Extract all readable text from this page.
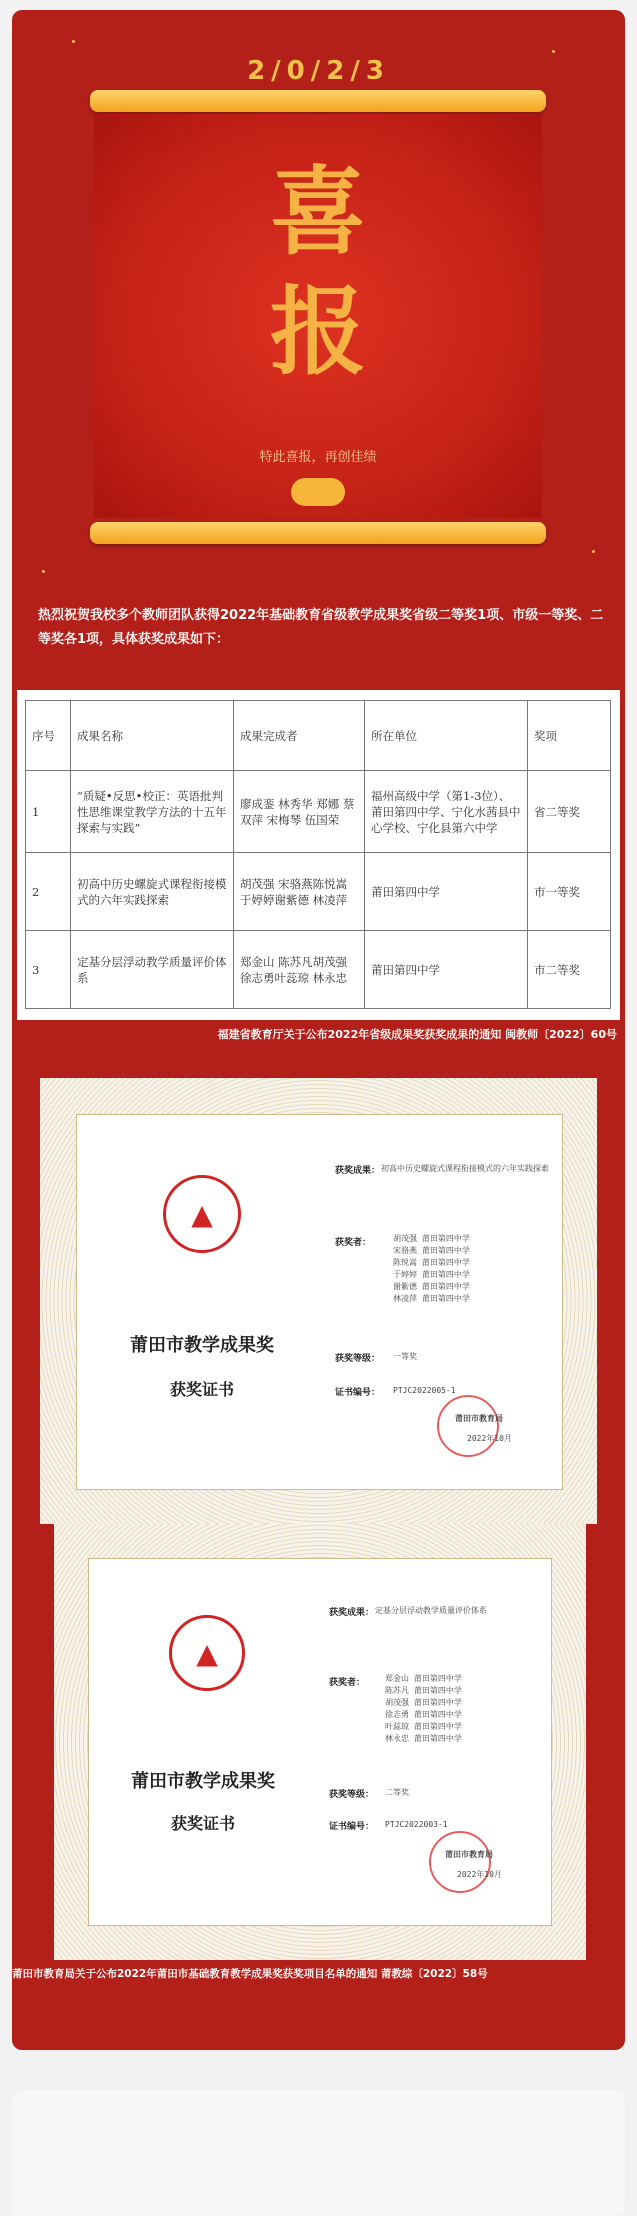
2/0/2/3
喜
报
特此喜报，再创佳绩
热烈祝贺我校多个教师团队获得2022年基础教育省级教学成果奖省级二等奖1项、市级一等奖、二等奖各1项，具体获奖成果如下：
序号	成果名称	成果完成者	所在单位	奖项
1	“质疑•反思•校正：英语批判性思维课堂教学方法的十五年探索与实践”	廖成銮 林秀华 郑娜 蔡双萍 宋梅琴 伍国荣	福州高级中学（第1-3位）、莆田第四中学、宁化水茜县中心学校、宁化县第六中学	省二等奖
2	初高中历史螺旋式课程衔接模式的六年实践探索	胡茂强 宋骆燕陈悦嵩 于婷婷谢紫德 林凌萍	莆田第四中学	市一等奖
3	定基分层浮动教学质量评价体系	郑金山 陈苏凡胡茂强 徐志勇叶蕊琼 林永忠	莆田第四中学	市二等奖
福建省教育厅关于公布2022年省级成果奖获奖成果的通知 闽教师〔2022〕60号
▲
莆田市教学成果奖
获奖证书
获奖成果： 初高中历史螺旋式课程衔接模式的六年实践探索
获奖者：	胡茂强 莆田第四中学
宋骆燕 莆田第四中学
陈悦嵩 莆田第四中学
于婷婷 莆田第四中学
谢紫德 莆田第四中学
林凌萍 莆田第四中学
获奖等级： 一等奖
证书编号： PTJC2022005-1
莆田市教育局
2022年10月
▲
莆田市教学成果奖
获奖证书
获奖成果： 定基分层浮动教学质量评价体系
获奖者： 郑金山 莆田第四中学
陈苏凡 莆田第四中学
胡茂强 莆田第四中学
徐志勇 莆田第四中学
叶蕊琼 莆田第四中学
林永忠 莆田第四中学
获奖等级： 二等奖
证书编号： PTJC2022003-1
莆田市教育局
2022年10月
莆田市教育局关于公布2022年莆田市基础教育教学成果奖获奖项目名单的通知 莆教综〔2022〕58号
